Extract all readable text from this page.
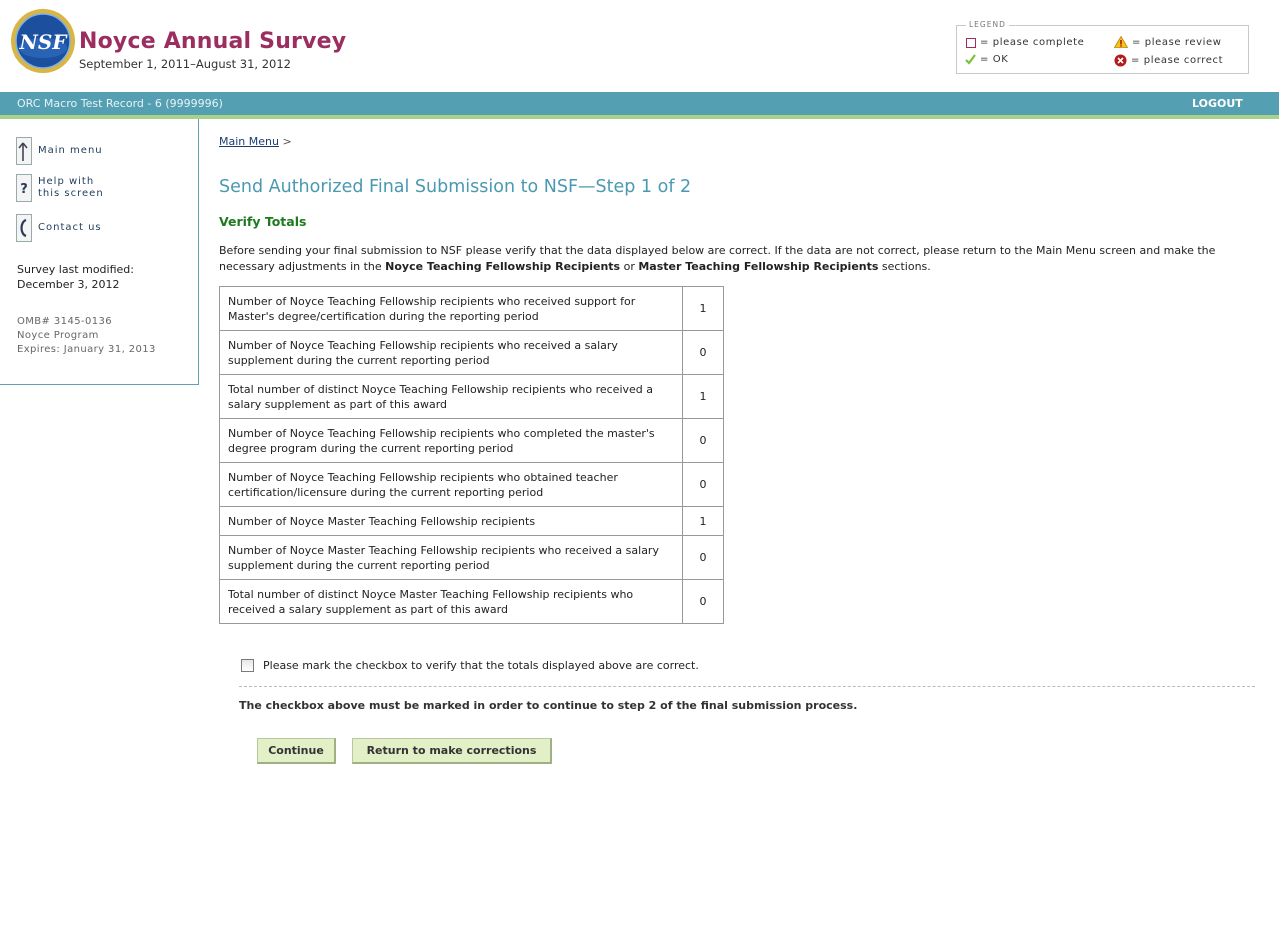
NSF Noyce Annual Survey
September 1, 2011–August 31, 2012
LEGEND
= please complete
= OK
= please review
= please correct
ORC Macro Test Record - 6 (9999996)	LOGOUT
Main menu
?
Help with
this screen
Contact us
Survey last modified:
December 3, 2012
OMB# 3145-0136
Noyce Program
Expires: January 31, 2013
Main Menu >
Send Authorized Final Submission to NSF—Step 1 of 2
Verify Totals
Before sending your final submission to NSF please verify that the data displayed below are correct. If the data are not correct, please return to the Main Menu screen and make the necessary adjustments in the Noyce Teaching Fellowship Recipients or Master Teaching Fellowship Recipients sections.
Number of Noyce Teaching Fellowship recipients who received support for Master's degree/certification during the reporting period	1
Number of Noyce Teaching Fellowship recipients who received a salary supplement during the current reporting period	0
Total number of distinct Noyce Teaching Fellowship recipients who received a salary supplement as part of this award	1
Number of Noyce Teaching Fellowship recipients who completed the master's degree program during the current reporting period	0
Number of Noyce Teaching Fellowship recipients who obtained teacher certification/licensure during the current reporting period	0
Number of Noyce Master Teaching Fellowship recipients	1
Number of Noyce Master Teaching Fellowship recipients who received a salary supplement during the current reporting period	0
Total number of distinct Noyce Master Teaching Fellowship recipients who received a salary supplement as part of this award	0
Please mark the checkbox to verify that the totals displayed above are correct.
The checkbox above must be marked in order to continue to step 2 of the final submission process.
Continue	Return to make corrections
